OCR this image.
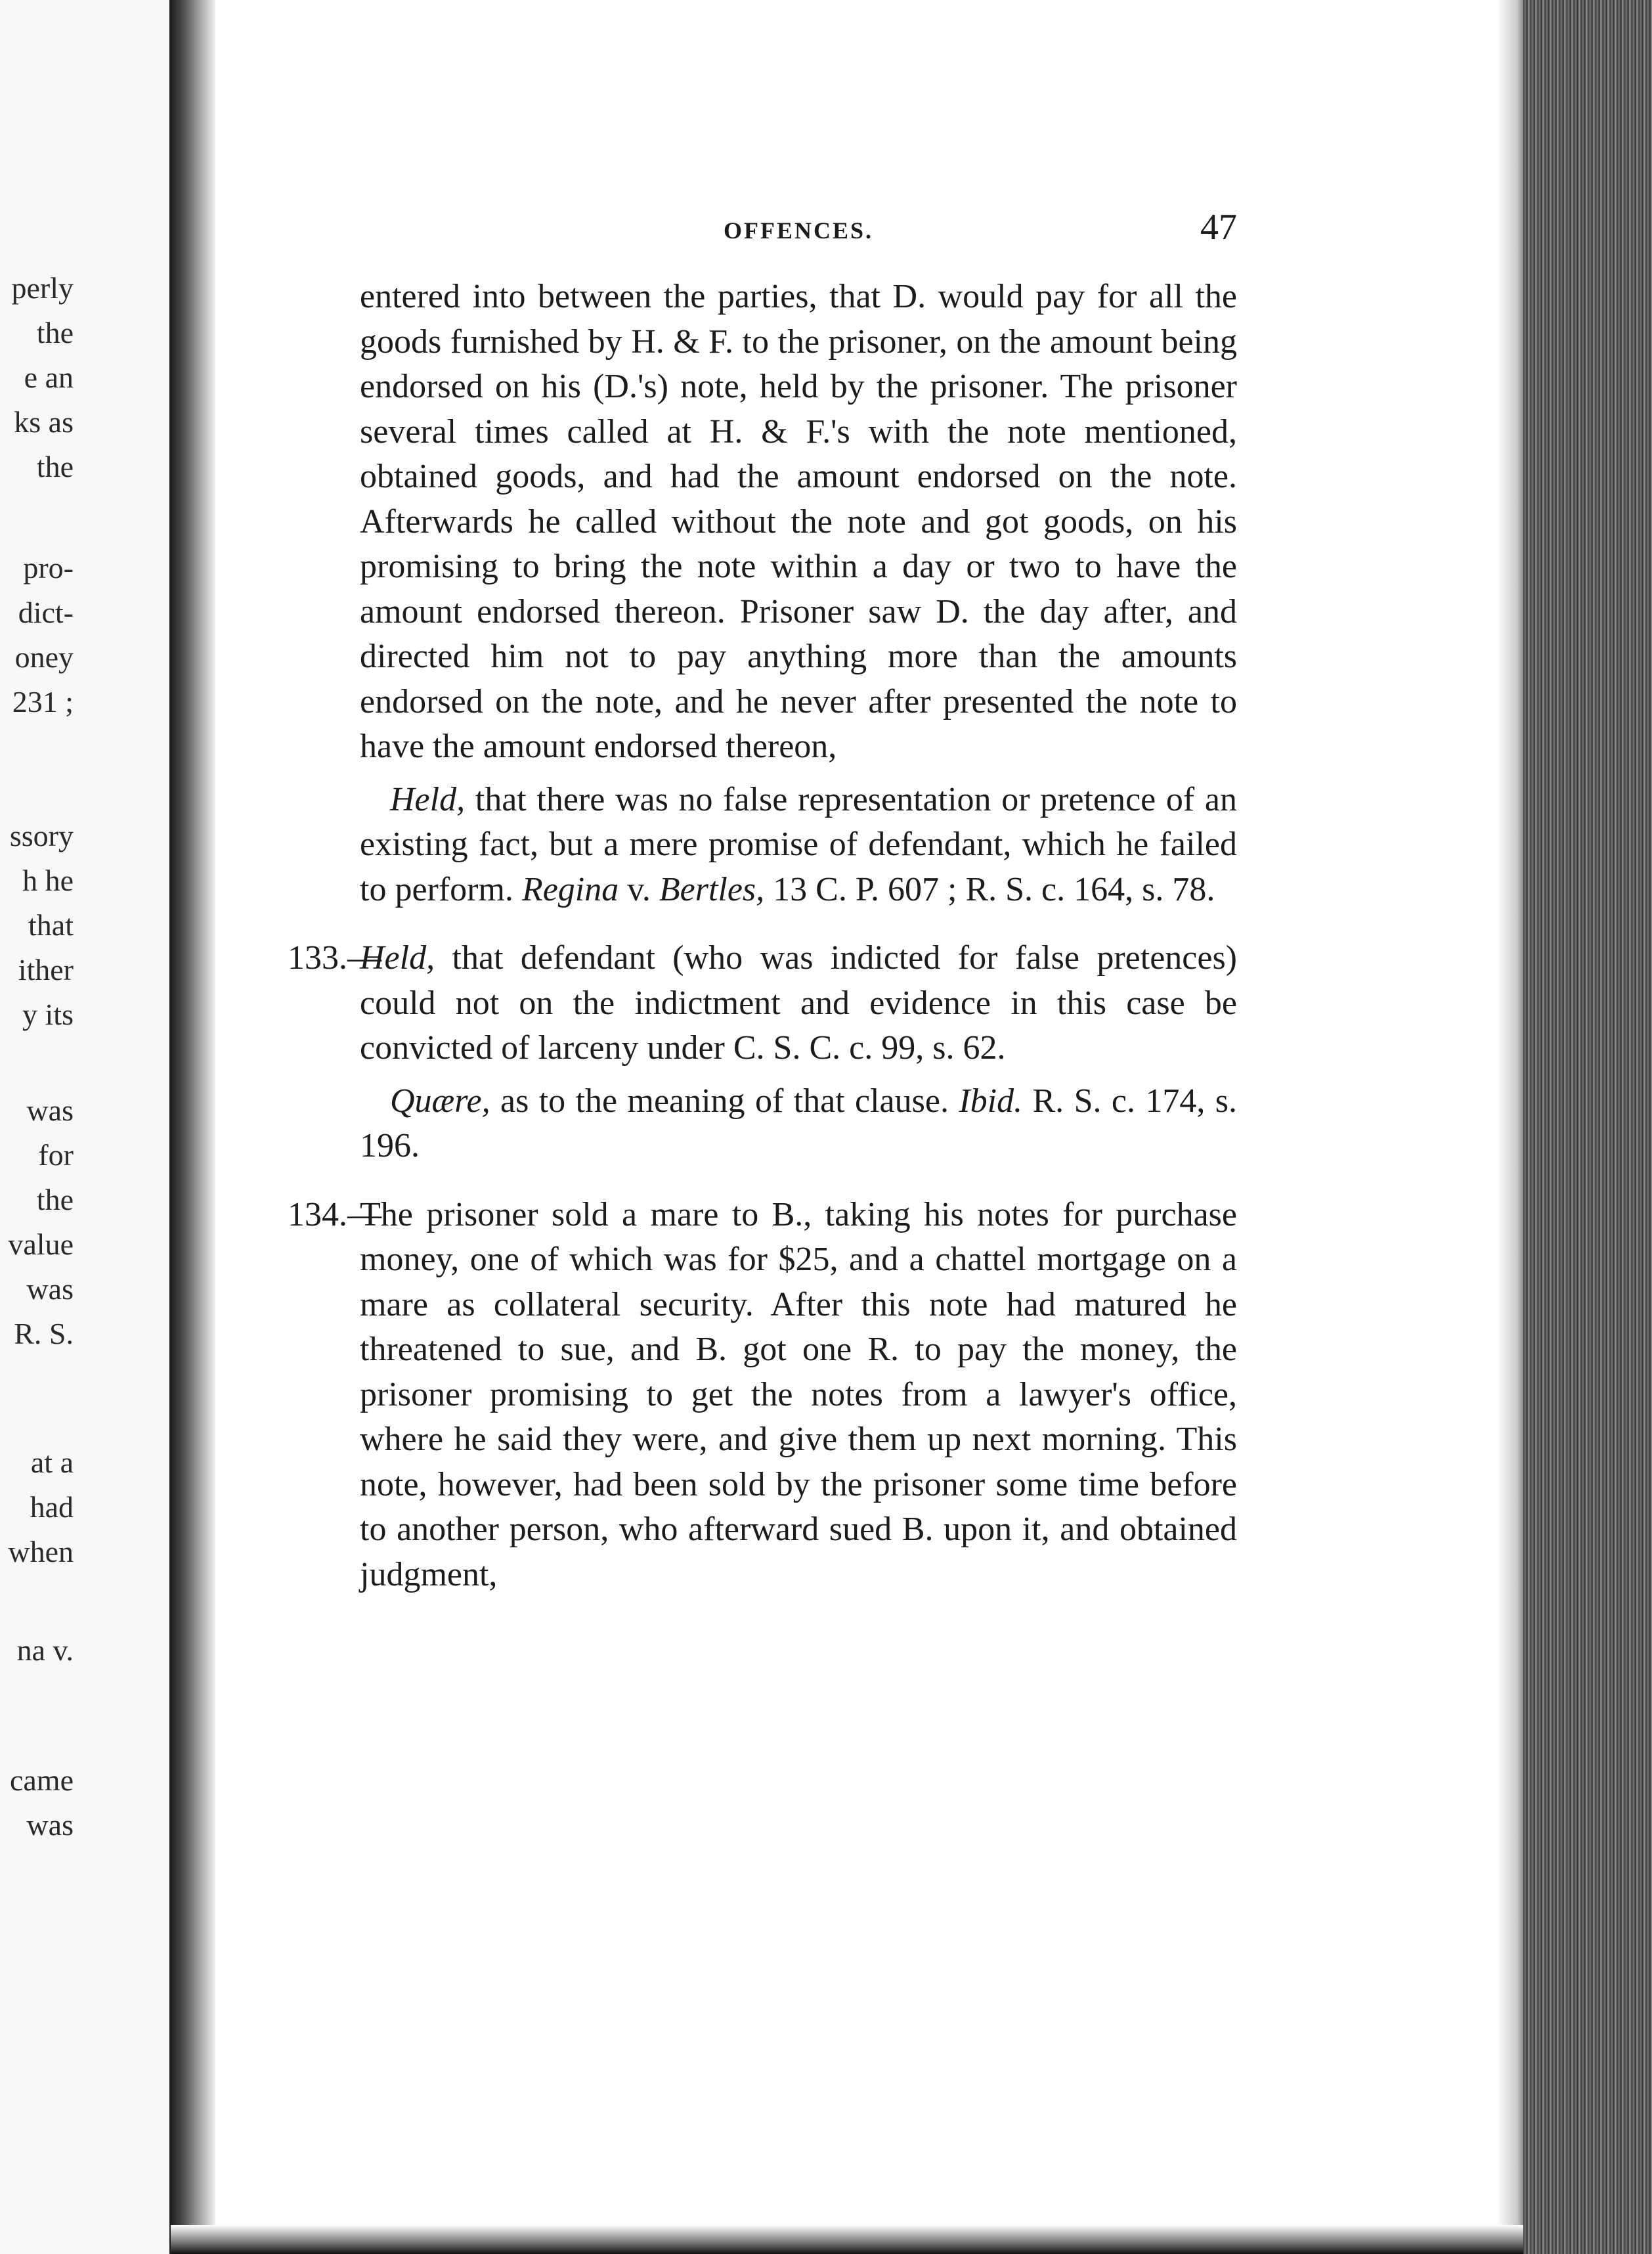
perly
the
e an
ks as
the
pro-
dict-
oney
231 ;
ssory
h he
that
ither
y its
was
for
the
value
was
R. S.
at a
had
when
na v.
came
was
OFFENCES.	47

entered into between the parties, that D. would pay for all the goods furnished by H. & F. to the prisoner, on the amount being endorsed on his (D.'s) note, held by the prisoner. The prisoner several times called at H. & F.'s with the note mentioned, obtained goods, and had the amount endorsed on the note. Afterwards he called without the note and got goods, on his promising to bring the note within a day or two to have the amount endorsed thereon. Prisoner saw D. the day after, and directed him not to pay anything more than the amounts endorsed on the note, and he never after presented the note to have the amount endorsed thereon,

Held, that there was no false representation or pretence of an existing fact, but a mere promise of defendant, which he failed to perform. Regina v. Bertles, 13 C. P. 607 ; R. S. c. 164, s. 78.

133.—
Held, that defendant (who was indicted for false pretences) could not on the indictment and evidence in this case be convicted of larceny under C. S. C. c. 99, s. 62.

Quære, as to the meaning of that clause. Ibid. R. S. c. 174, s. 196.

134.—
The prisoner sold a mare to B., taking his notes for purchase money, one of which was for $25, and a chattel mortgage on a mare as collateral security. After this note had matured he threatened to sue, and B. got one R. to pay the money, the prisoner promising to get the notes from a lawyer's office, where he said they were, and give them up next morning. This note, however, had been sold by the prisoner some time before to another person, who afterward sued B. upon it, and obtained judgment,
